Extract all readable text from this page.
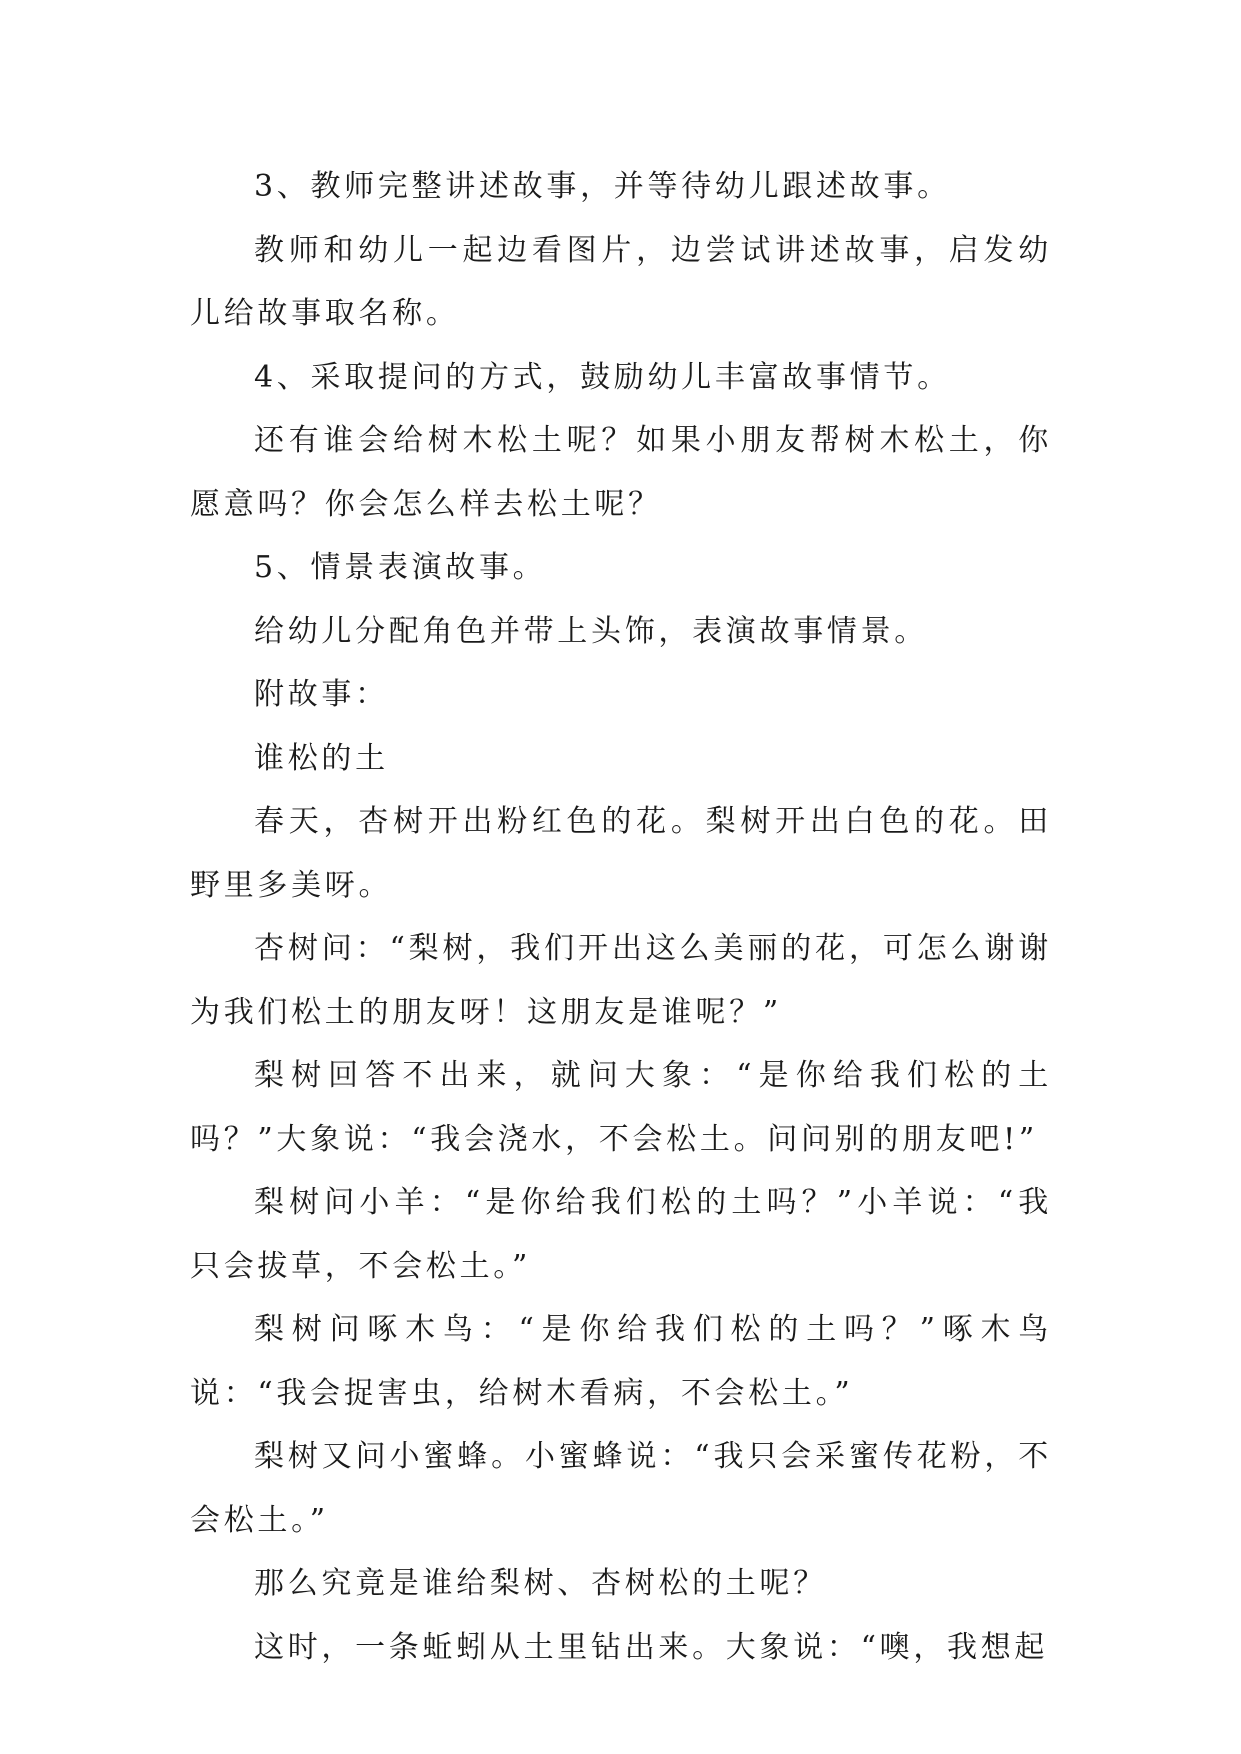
3、教师完整讲述故事，并等待幼儿跟述故事。

教师和幼儿一起边看图片，边尝试讲述故事，启发幼儿给故事取名称。

4、采取提问的方式，鼓励幼儿丰富故事情节。

还有谁会给树木松土呢？如果小朋友帮树木松土，你愿意吗？你会怎么样去松土呢？

5、情景表演故事。

给幼儿分配角色并带上头饰，表演故事情景。

附故事：

谁松的土

春天，杏树开出粉红色的花。梨树开出白色的花。田野里多美呀。

杏树问：“梨树，我们开出这么美丽的花，可怎么谢谢为我们松土的朋友呀！这朋友是谁呢？”

梨树回答不出来，就问大象：“是你给我们松的土吗？”大象说：“我会浇水，不会松土。问问别的朋友吧!”

梨树问小羊：“是你给我们松的土吗？”小羊说：“我只会拔草，不会松土。”

梨树问啄木鸟：“是你给我们松的土吗？”啄木鸟说：“我会捉害虫，给树木看病，不会松土。”

梨树又问小蜜蜂。小蜜蜂说：“我只会采蜜传花粉，不会松土。”

那么究竟是谁给梨树、杏树松的土呢？

这时，一条蚯蚓从土里钻出来。大象说：“噢，我想起
